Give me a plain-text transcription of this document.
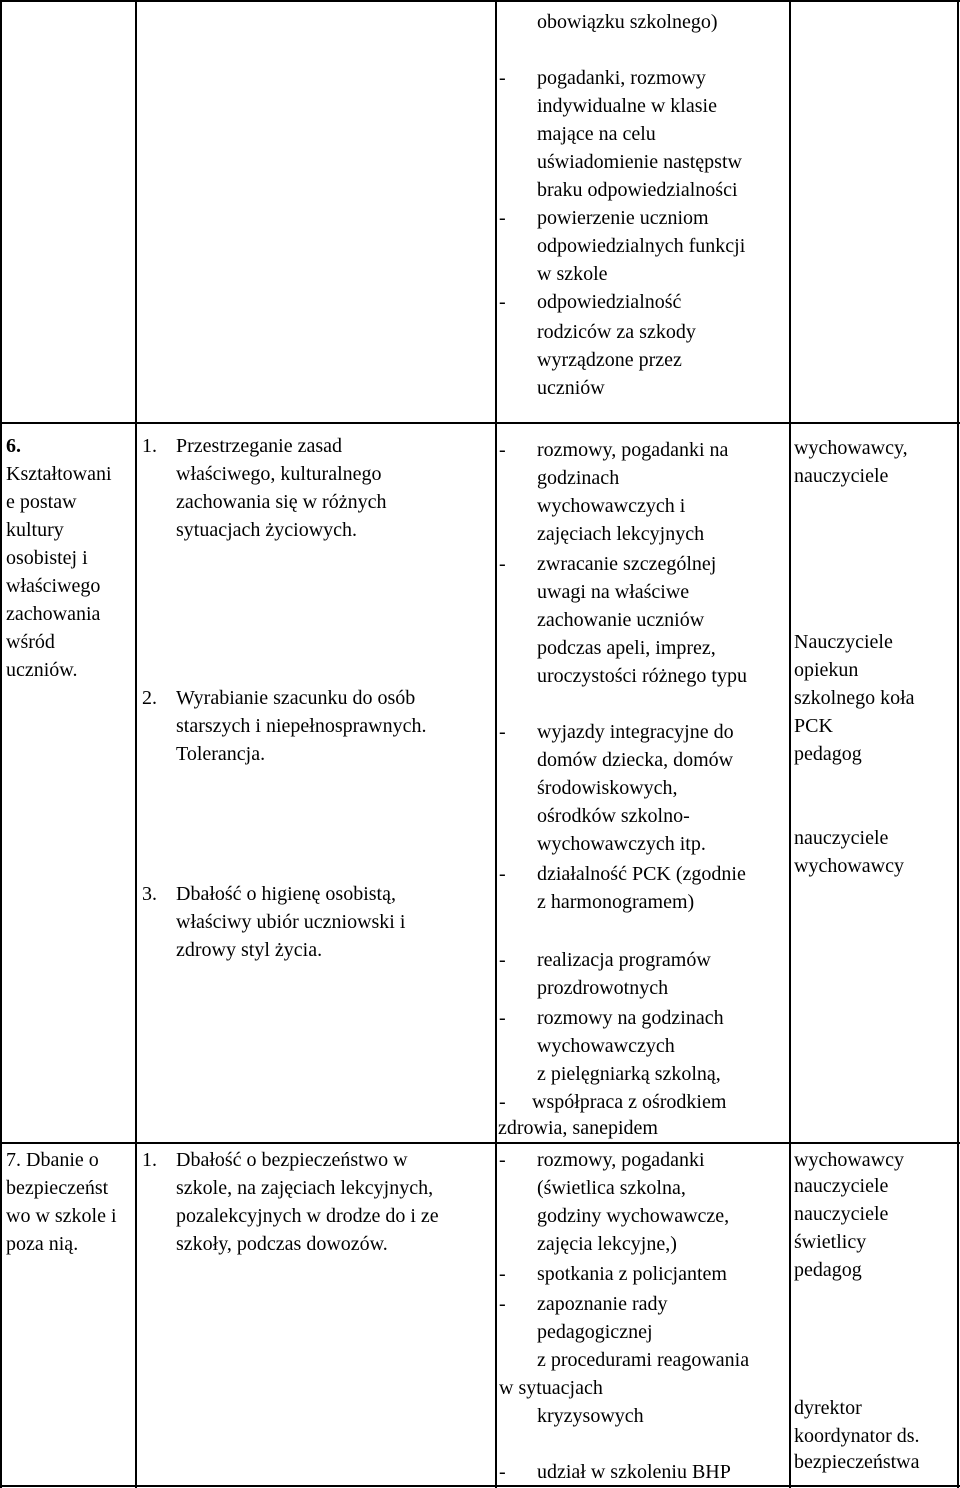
obowiązku szkolnego)
- pogadanki, rozmowy
indywidualne w klasie
mające na celu
uświadomienie następstw
braku odpowiedzialności
- powierzenie uczniom
odpowiedzialnych funkcji
w szkole
- odpowiedzialność
rodziców za szkody
wyrządzone przez
uczniów
6.
Kształtowani
e postaw
kultury
osobistej i
właściwego
zachowania
wśród
uczniów.
1. Przestrzeganie zasad
właściwego, kulturalnego
zachowania się w różnych
sytuacjach życiowych.
2. Wyrabianie szacunku do osób
starszych i niepełnosprawnych.
Tolerancja.
3. Dbałość o higienę osobistą,
właściwy ubiór uczniowski i
zdrowy styl życia.
- rozmowy, pogadanki na
godzinach
wychowawczych i
zajęciach lekcyjnych
- zwracanie szczególnej
uwagi na właściwe
zachowanie uczniów
podczas apeli, imprez,
uroczystości różnego typu
- wyjazdy integracyjne do
domów dziecka, domów
środowiskowych,
ośrodków szkolno-
wychowawczych itp.
- działalność PCK (zgodnie
z harmonogramem)
- realizacja programów
prozdrowotnych
- rozmowy na godzinach
wychowawczych
z pielęgniarką szkolną,
- współpraca z ośrodkiem
zdrowia, sanepidem
wychowawcy,
nauczyciele
Nauczyciele
opiekun
szkolnego koła
PCK
pedagog
nauczyciele
wychowawcy
7. Dbanie o
bezpieczeńst
wo w szkole i
poza nią.
1. Dbałość o bezpieczeństwo w
szkole, na zajęciach lekcyjnych,
pozalekcyjnych w drodze do i ze
szkoły, podczas dowozów.
- rozmowy, pogadanki
(świetlica szkolna,
godziny wychowawcze,
zajęcia lekcyjne,)
- spotkania z policjantem
- zapoznanie rady
pedagogicznej
z procedurami reagowania
w sytuacjach
kryzysowych
- udział w szkoleniu BHP
wychowawcy
nauczyciele
nauczyciele
świetlicy
pedagog
dyrektor
koordynator ds.
bezpieczeństwa
